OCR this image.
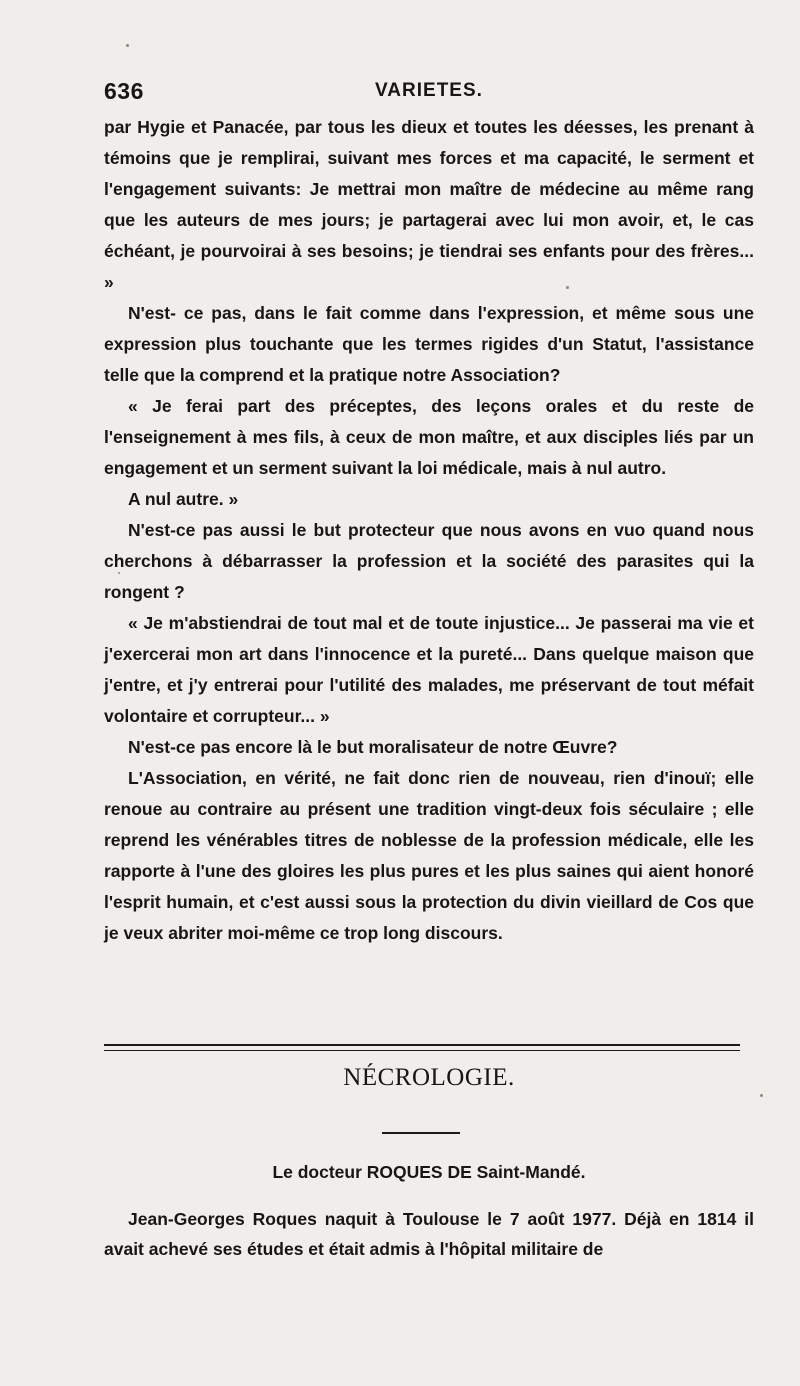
636	VARIETES.

par Hygie et Panacée, par tous les dieux et toutes les déesses, les prenant à témoins que je remplirai, suivant mes forces et ma capacité, le serment et l'engagement suivants: Je mettrai mon maître de médecine au même rang que les auteurs de mes jours; je partagerai avec lui mon avoir, et, le cas échéant, je pourvoirai à ses besoins; je tiendrai ses enfants pour des frères... »

N'est- ce pas, dans le fait comme dans l'expression, et même sous une expression plus touchante que les termes rigides d'un Statut, l'assistance telle que la comprend et la pratique notre Association?

« Je ferai part des préceptes, des leçons orales et du reste de l'enseignement à mes fils, à ceux de mon maître, et aux disciples liés par un engagement et un serment suivant la loi médicale, mais à nul autro.

A nul autre. »

N'est-ce pas aussi le but protecteur que nous avons en vuo quand nous cherchons à débarrasser la profession et la société des parasites qui la rongent ?

« Je m'abstiendrai de tout mal et de toute injustice... Je passerai ma vie et j'exercerai mon art dans l'innocence et la pureté... Dans quelque maison que j'entre, et j'y entrerai pour l'utilité des malades, me préservant de tout méfait volontaire et corrupteur... »

N'est-ce pas encore là le but moralisateur de notre Œuvre?

L'Association, en vérité, ne fait donc rien de nouveau, rien d'inouï; elle renoue au contraire au présent une tradition vingt-deux fois séculaire ; elle reprend les vénérables titres de noblesse de la profession médicale, elle les rapporte à l'une des gloires les plus pures et les plus saines qui aient honoré l'esprit humain, et c'est aussi sous la protection du divin vieillard de Cos que je veux abriter moi-même ce trop long discours.

NÉCROLOGIE.
Le docteur ROQUES DE Saint-Mandé.

Jean-Georges Roques naquit à Toulouse le 7 août 1977. Déjà en 1814 il avait achevé ses études et était admis à l'hôpital militaire de
